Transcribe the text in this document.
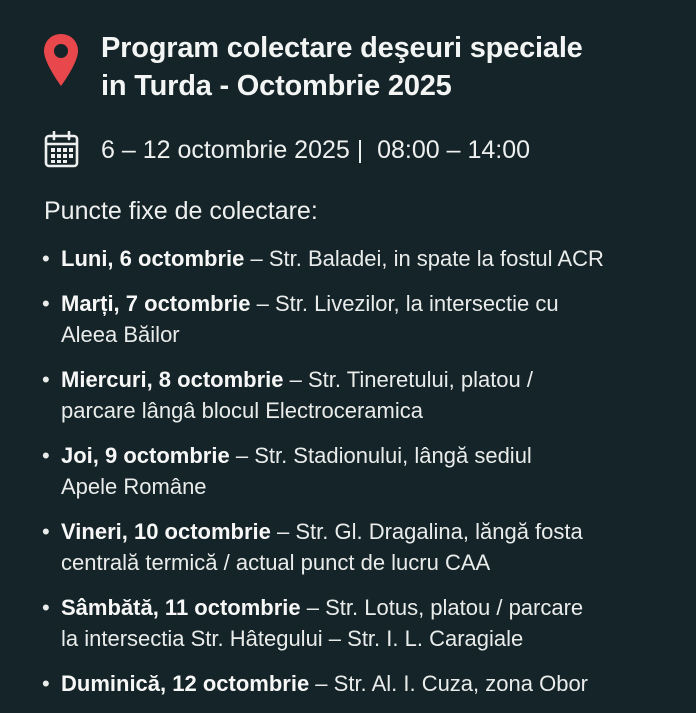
Program colectare deşeuri speciale
in Turda - Octombrie 2025
6 – 12 octombrie 2025 |  08:00 – 14:00
Puncte fixe de colectare:
• Luni, 6 octombrie – Str. Baladei, in spate la fostul ACR
• Marți, 7 octombrie – Str. Livezilor, la intersectie cu
Aleea Băilor
• Miercuri, 8 octombrie – Str. Tineretului, platou /
parcare lângâ blocul Electroceramica
• Joi, 9 octombrie – Str. Stadionului, lângă sediul
Apele Române
• Vineri, 10 octombrie – Str. Gl. Dragalina, lăngă fosta
centrală termică / actual punct de lucru CAA
• Sâmbătă, 11 octombrie – Str. Lotus, platou / parcare
la intersectia Str. Hâtegului – Str. I. L. Caragiale
• Duminică, 12 octombrie – Str. Al. I. Cuza, zona Obor
